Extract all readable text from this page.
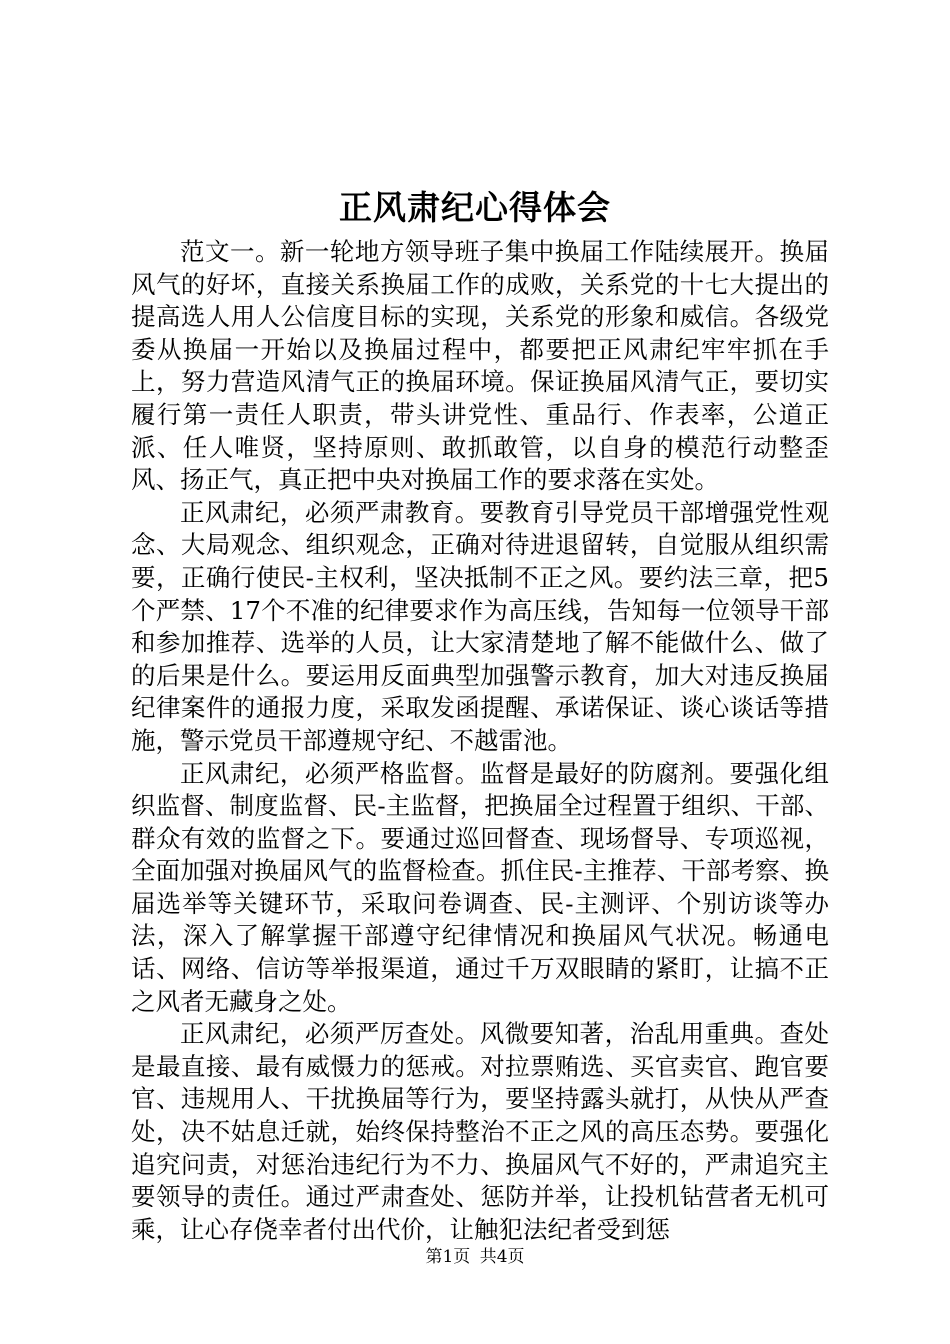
正风肃纪心得体会

范文一。新一轮地方领导班子集中换届工作陆续展开。换届风气的好坏，直接关系换届工作的成败，关系党的十七大提出的提高选人用人公信度目标的实现，关系党的形象和威信。各级党委从换届一开始以及换届过程中，都要把正风肃纪牢牢抓在手上，努力营造风清气正的换届环境。保证换届风清气正，要切实履行第一责任人职责，带头讲党性、重品行、作表率，公道正派、任人唯贤，坚持原则、敢抓敢管，以自身的模范行动整歪风、扬正气，真正把中央对换届工作的要求落在实处。

正风肃纪，必须严肃教育。要教育引导党员干部增强党性观念、大局观念、组织观念，正确对待进退留转，自觉服从组织需要，正确行使民-主权利，坚决抵制不正之风。要约法三章，把5个严禁、17个不准的纪律要求作为高压线，告知每一位领导干部和参加推荐、选举的人员，让大家清楚地了解不能做什么、做了的后果是什么。要运用反面典型加强警示教育，加大对违反换届纪律案件的通报力度，采取发函提醒、承诺保证、谈心谈话等措施，警示党员干部遵规守纪、不越雷池。

正风肃纪，必须严格监督。监督是最好的防腐剂。要强化组织监督、制度监督、民-主监督，把换届全过程置于组织、干部、群众有效的监督之下。要通过巡回督查、现场督导、专项巡视，全面加强对换届风气的监督检查。抓住民-主推荐、干部考察、换届选举等关键环节，采取问卷调查、民-主测评、个别访谈等办法，深入了解掌握干部遵守纪律情况和换届风气状况。畅通电话、网络、信访等举报渠道，通过千万双眼睛的紧盯，让搞不正之风者无藏身之处。

正风肃纪，必须严厉查处。风微要知著，治乱用重典。查处是最直接、最有威慑力的惩戒。对拉票贿选、买官卖官、跑官要官、违规用人、干扰换届等行为，要坚持露头就打，从快从严查处，决不姑息迁就，始终保持整治不正之风的高压态势。要强化追究问责，对惩治违纪行为不力、换届风气不好的，严肃追究主要领导的责任。通过严肃查处、惩防并举，让投机钻营者无机可乘，让心存侥幸者付出代价，让触犯法纪者受到惩

第1页 共4页
